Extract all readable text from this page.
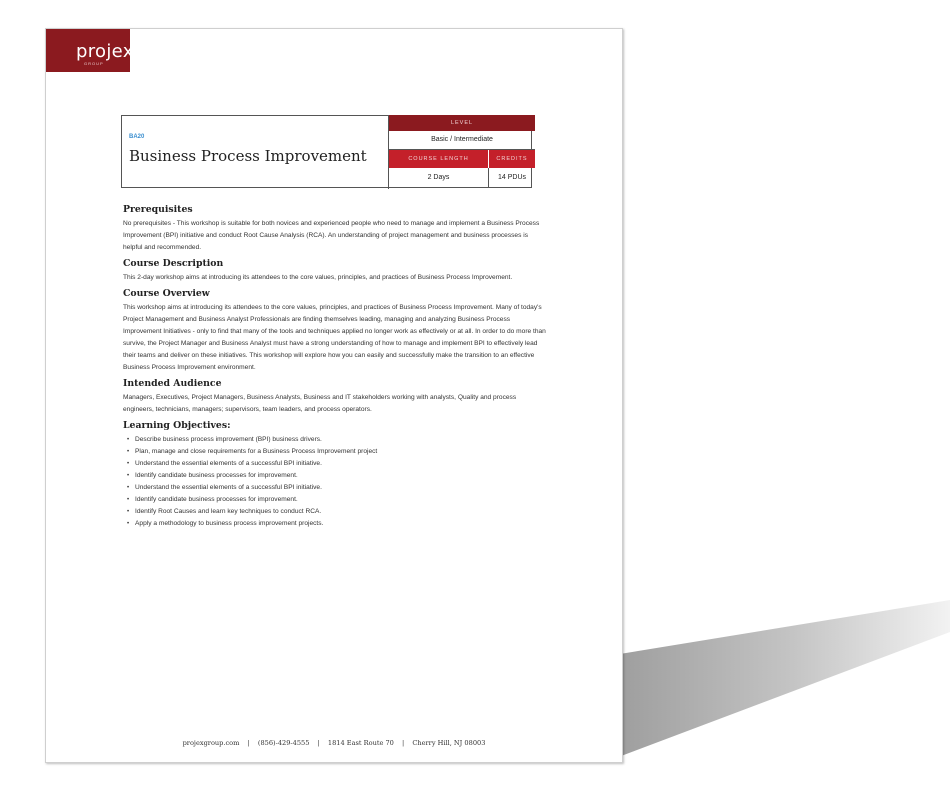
projex
GROUP
BA20
Business Process Improvement
LEVEL
Basic / Intermediate
COURSE LENGTH	CREDITS
2 Days	14 PDUs
Prerequisites
No prerequisites - This workshop is suitable for both novices and experienced people who need to manage and implement a Business Process Improvement (BPI) initiative and conduct Root Cause Analysis (RCA). An understanding of project management and business processes is helpful and recommended.
Course Description
This 2-day workshop aims at introducing its attendees to the core values, principles, and practices of Business Process Improvement.
Course Overview
This workshop aims at introducing its attendees to the core values, principles, and practices of Business Process Improvement. Many of today's Project Management and Business Analyst Professionals are finding themselves leading, managing and analyzing Business Process Improvement Initiatives - only to find that many of the tools and techniques applied no longer work as effectively or at all. In order to do more than survive, the Project Manager and Business Analyst must have a strong understanding of how to manage and implement BPI to effectively lead their teams and deliver on these initiatives. This workshop will explore how you can easily and successfully make the transition to an effective Business Process Improvement environment.
Intended Audience
Managers, Executives, Project Managers, Business Analysts, Business and IT stakeholders working with analysts, Quality and process engineers, technicians, managers; supervisors, team leaders, and process operators.
Learning Objectives:
• Describe business process improvement (BPI) business drivers.
• Plan, manage and close requirements for a Business Process Improvement project
• Understand the essential elements of a successful BPI initiative.
• Identify candidate business processes for improvement.
• Understand the essential elements of a successful BPI initiative.
• Identify candidate business processes for improvement.
• Identify Root Causes and learn key techniques to conduct RCA.
• Apply a methodology to business process improvement projects.
projexgroup.com | (856)-429-4555 | 1814 East Route 70 | Cherry Hill, NJ 08003
